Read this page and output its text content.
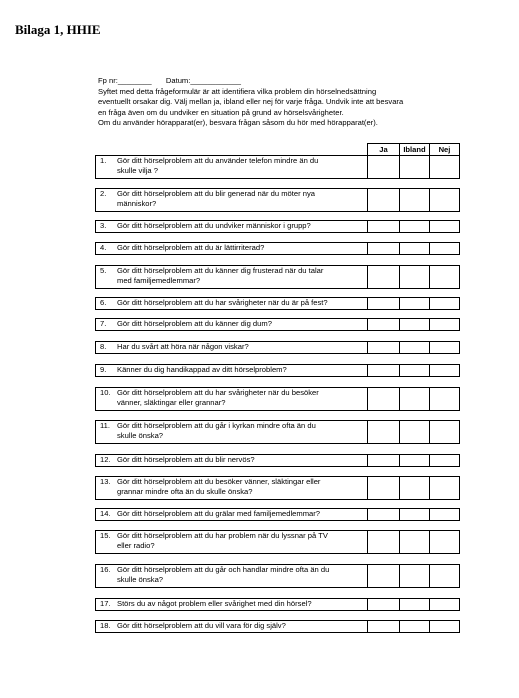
Bilaga 1, HHIE
Fp nr:________ Datum:____________
Syftet med detta frågeformulär är att identifiera vilka problem din hörselnedsättning
eventuellt orsakar dig. Välj mellan ja, ibland eller nej för varje fråga. Undvik inte att besvara
en fråga även om du undviker en situation på grund av hörselsvårigheter.
Om du använder hörapparat(er), besvara frågan såsom du hör med hörapparat(er).
	Ja	Ibland	Nej

1. Gör ditt hörselproblem att du använder telefon mindre än du
skulle vilja ?			

2. Gör ditt hörselproblem att du blir generad när du möter nya
människor?			

3. Gör ditt hörselproblem att du undviker människor i grupp?			

4. Gör ditt hörselproblem att du är lättirriterad?			

5. Gör ditt hörselproblem att du känner dig frusterad när du talar
med familjemedlemmar?			

6. Gör ditt hörselproblem att du har svårigheter när du är på fest?			

7. Gör ditt hörselproblem att du känner dig dum?			

8. Har du svårt att höra när någon viskar?			

9. Känner du dig handikappad av ditt hörselproblem?			

10. Gör ditt hörselproblem att du har svårigheter när du besöker
vänner, släktingar eller grannar?			

11. Gör ditt hörselproblem att du går i kyrkan mindre ofta än du
skulle önska?			

12. Gör ditt hörselproblem att du blir nervös?			

13. Gör ditt hörselproblem att du besöker vänner, släktingar eller
grannar mindre ofta än du skulle önska?			

14. Gör ditt hörselproblem att du grälar med familjemedlemmar?			

15. Gör ditt hörselproblem att du har problem när du lyssnar på TV
eller radio?			

16. Gör ditt hörselproblem att du går och handlar mindre ofta än du
skulle önska?			

17. Störs du av något problem eller svårighet med din hörsel?			

18. Gör ditt hörselproblem att du vill vara för dig själv?			
